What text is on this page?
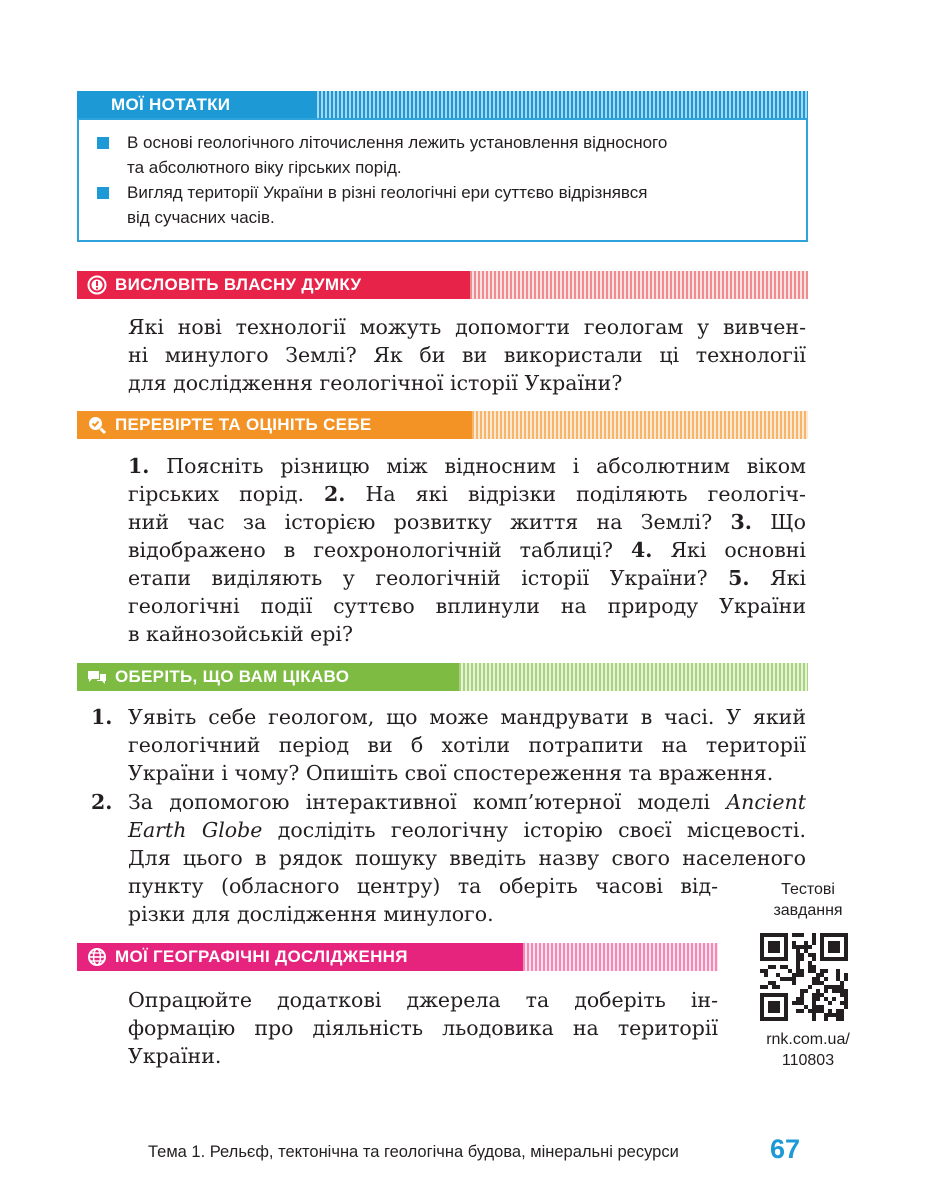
МОЇ НОТАТКИ
В основі геологічного літочислення лежить установлення відносного
та абсолютного віку гірських порід.
Вигляд території України в різні геологічні ери суттєво відрізнявся
від сучасних часів.
ВИСЛОВІТЬ ВЛАСНУ ДУМКУ
Які нові технології можуть допомогти геологам у вивчен-
ні минулого Землі? Як би ви використали ці технології
для дослідження геологічної історії України?
ПЕРЕВІРТЕ ТА ОЦІНІТЬ СЕБЕ
1. Поясніть різницю між відносним і абсолютним віком
гірських порід. 2. На які відрізки поділяють геологіч-
ний час за історією розвитку життя на Землі? 3. Що
відображено в геохронологічній таблиці? 4. Які основні
етапи виділяють у геологічній історії України? 5. Які
геологічні події суттєво вплинули на природу України
в кайнозойській ері?
ОБЕРІТЬ, ЩО ВАМ ЦІКАВО
1. Уявіть себе геологом, що може мандрувати в часі. У який
геологічний період ви б хотіли потрапити на території
України і чому? Опишіть свої спостереження та враження.
2. За допомогою інтерактивної комп’ютерної моделі Ancient
Earth Globe дослідіть геологічну історію своєї місцевості.
Для цього в рядок пошуку введіть назву свого населеного
пункту (обласного центру) та оберіть часові від-
різки для дослідження минулого.
Тестові
завдання
rnk.com.ua/
110803
МОЇ ГЕОГРАФІЧНІ ДОСЛІДЖЕННЯ
Опрацюйте додаткові джерела та доберіть ін-
формацію про діяльність льодовика на території
України.
Тема 1. Рельєф, тектонічна та геологічна будова, мінеральні ресурси	67
